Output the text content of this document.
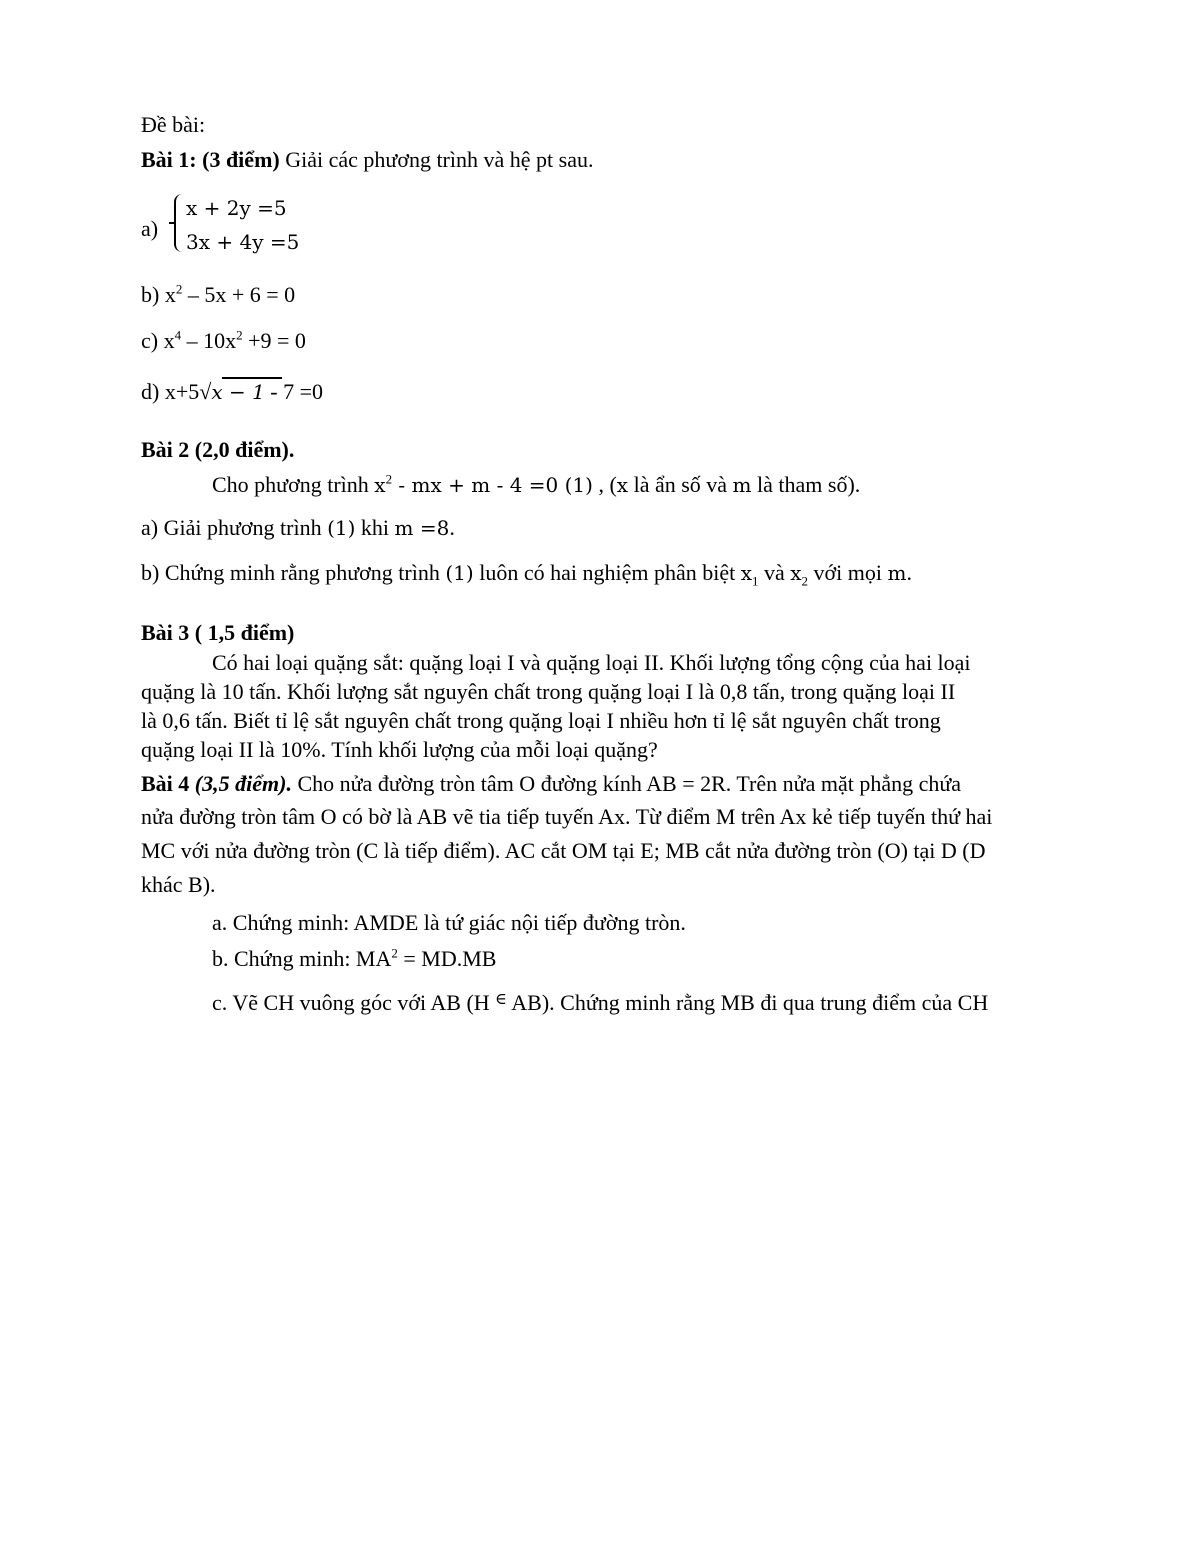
Đề bài:
Bài 1: (3 điểm) Giải các phương trình và hệ pt sau.
a)
x + 2y =5
3x + 4y =5
b) $x^2 - 5x + 6 = 0$
c) $x^4 - 10x^2 +9 = 0$
d) x+5√x − 1 - 7 =0
Bài 2 (2,0 điểm).
Cho phương trình $x^2$ - mx + m - 4 =0 (1) , (x là ẩn số và m là tham số).
a) Giải phương trình (1) khi m =8.
b) Chứng minh rằng phương trình (1) luôn có hai nghiệm phân biệt $x_1$ và $x_2$ với mọi m.
Bài 3 ( 1,5 điểm)
Có hai loại quặng sắt: quặng loại I và quặng loại II. Khối lượng tổng cộng của hai loại
quặng là 10 tấn. Khối lượng sắt nguyên chất trong quặng loại I là 0,8 tấn, trong quặng loại II
là 0,6 tấn. Biết tỉ lệ sắt nguyên chất trong quặng loại I nhiều hơn tỉ lệ sắt nguyên chất trong
quặng loại II là 10%. Tính khối lượng của mỗi loại quặng?
Bài 4 (3,5 điểm). Cho nửa đường tròn tâm O đường kính AB = 2R. Trên nửa mặt phẳng chứa
nửa đường tròn tâm O có bờ là AB vẽ tia tiếp tuyến Ax. Từ điểm M trên Ax kẻ tiếp tuyến thứ hai
MC với nửa đường tròn (C là tiếp điểm). AC cắt OM tại E; MB cắt nửa đường tròn (O) tại D (D
khác B).
a. Chứng minh: AMDE là tứ giác nội tiếp đường tròn.
b. Chứng minh: $MA^2 = MD.MB$
c. Vẽ CH vuông góc với AB (H ∈ AB). Chứng minh rằng MB đi qua trung điểm của CH
